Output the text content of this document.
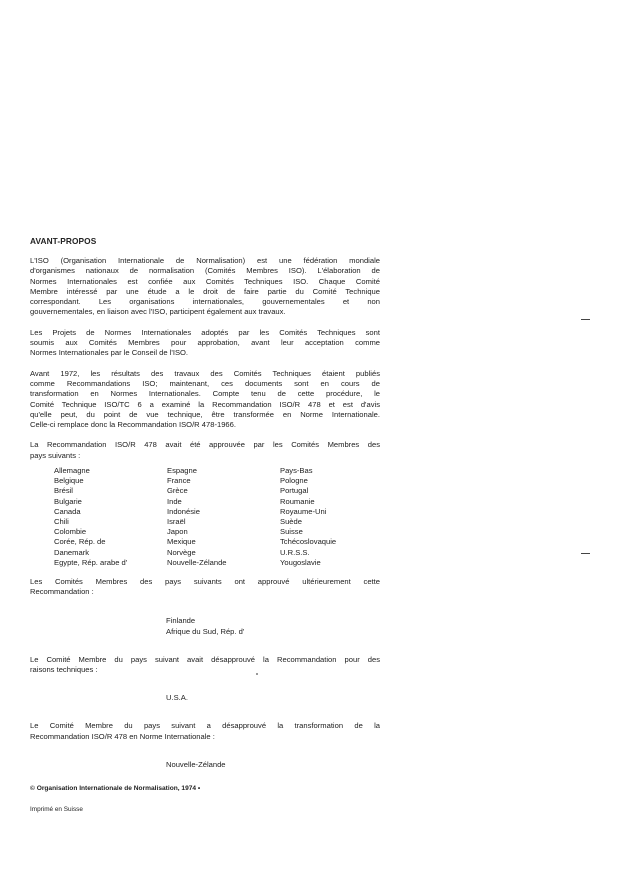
AVANT-PROPOS
L'ISO (Organisation Internationale de Normalisation) est une fédération mondiale
d'organismes nationaux de normalisation (Comités Membres ISO). L'élaboration de
Normes Internationales est confiée aux Comités Techniques ISO. Chaque Comité
Membre intéressé par une étude a le droit de faire partie du Comité Technique
correspondant. Les organisations internationales, gouvernementales et non
gouvernementales, en liaison avec l'ISO, participent également aux travaux.
Les Projets de Normes Internationales adoptés par les Comités Techniques sont
soumis aux Comités Membres pour approbation, avant leur acceptation comme
Normes Internationales par le Conseil de l'ISO.
Avant 1972, les résultats des travaux des Comités Techniques étaient publiés
comme Recommandations ISO; maintenant, ces documents sont en cours de
transformation en Normes Internationales. Compte tenu de cette procédure, le
Comité Technique ISO/TC 6 a examiné la Recommandation ISO/R 478 et est d'avis
qu'elle peut, du point de vue technique, être transformée en Norme Internationale.
Celle-ci remplace donc la Recommandation ISO/R 478-1966.
La Recommandation ISO/R 478 avait été approuvée par les Comités Membres des
pays suivants :
Allemagne
Belgique
Brésil
Bulgarie
Canada
Chili
Colombie
Corée, Rép. de
Danemark
Egypte, Rép. arabe d'
Espagne
France
Grèce
Inde
Indonésie
Israël
Japon
Mexique
Norvège
Nouvelle-Zélande
Pays-Bas
Pologne
Portugal
Roumanie
Royaume-Uni
Suède
Suisse
Tchécoslovaquie
U.R.S.S.
Yougoslavie
Les Comités Membres des pays suivants ont approuvé ultérieurement cette
Recommandation :
Finlande
Afrique du Sud, Rép. d'
Le Comité Membre du pays suivant avait désapprouvé la Recommandation pour des
raisons techniques :
U.S.A.
Le Comité Membre du pays suivant a désapprouvé la transformation de la
Recommandation ISO/R 478 en Norme Internationale :
Nouvelle-Zélande
© Organisation Internationale de Normalisation, 1974 •
Imprimé en Suisse
